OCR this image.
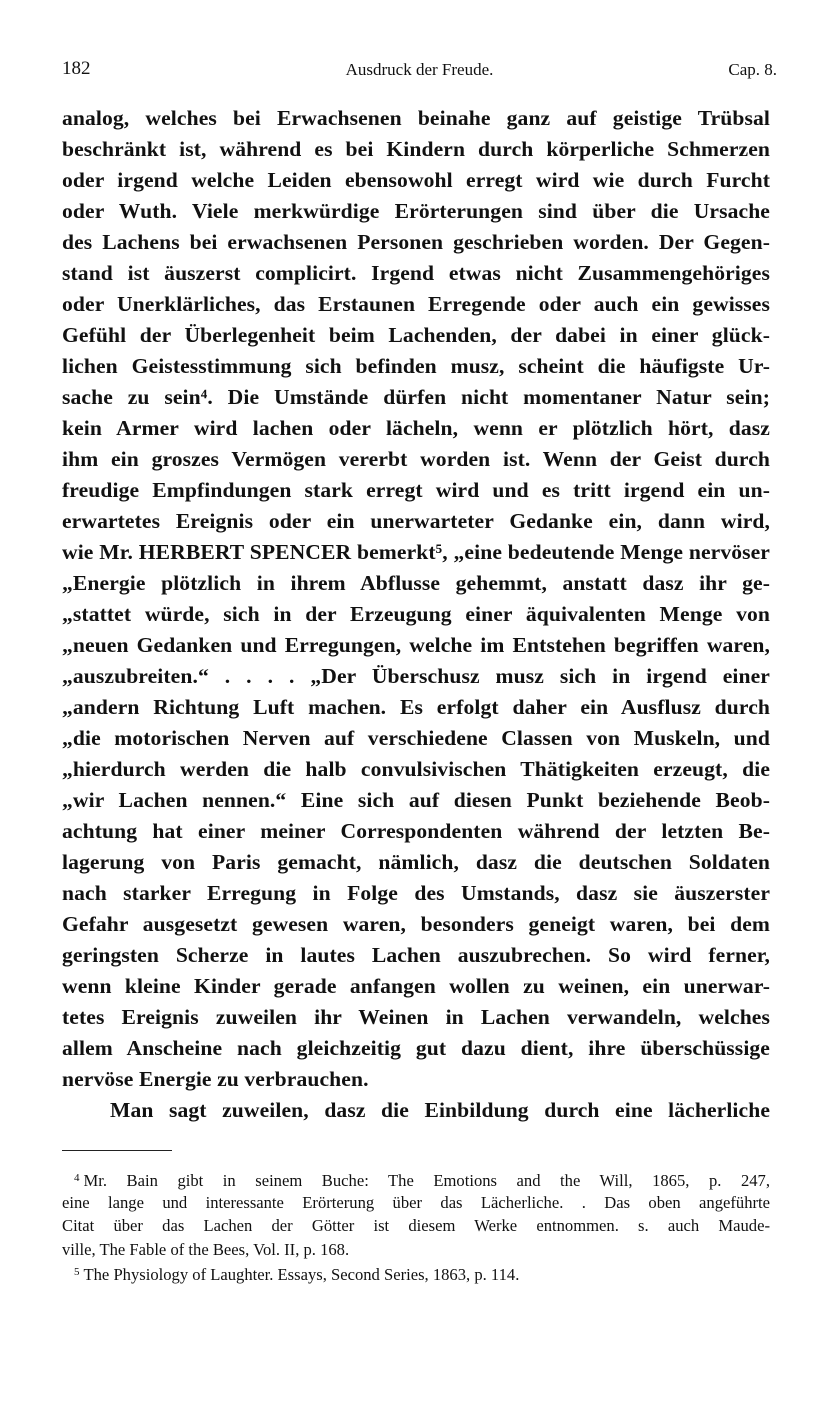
182	Ausdruck der Freude.	Cap. 8.
analog, welches bei Erwachsenen beinahe ganz auf geistige Trübsal
beschränkt ist, während es bei Kindern durch körperliche Schmerzen
oder irgend welche Leiden ebensowohl erregt wird wie durch Furcht
oder Wuth. Viele merkwürdige Erörterungen sind über die Ursache
des Lachens bei erwachsenen Personen geschrieben worden. Der Gegen-
stand ist äuszerst complicirt. Irgend etwas nicht Zusammengehöriges
oder Unerklärliches, das Erstaunen Erregende oder auch ein gewisses
Gefühl der Überlegenheit beim Lachenden, der dabei in einer glück-
lichen Geistesstimmung sich befinden musz, scheint die häufigste Ur-
sache zu sein⁴. Die Umstände dürfen nicht momentaner Natur sein;
kein Armer wird lachen oder lächeln, wenn er plötzlich hört, dasz
ihm ein groszes Vermögen vererbt worden ist. Wenn der Geist durch
freudige Empfindungen stark erregt wird und es tritt irgend ein un-
erwartetes Ereignis oder ein unerwarteter Gedanke ein, dann wird,
wie Mr. HERBERT SPENCER bemerkt⁵, „eine bedeutende Menge nervöser
„Energie plötzlich in ihrem Abflusse gehemmt, anstatt dasz ihr ge-
„stattet würde, sich in der Erzeugung einer äquivalenten Menge von
„neuen Gedanken und Erregungen, welche im Entstehen begriffen waren,
„auszubreiten.“ . . . . „Der Überschusz musz sich in irgend einer
„andern Richtung Luft machen. Es erfolgt daher ein Ausflusz durch
„die motorischen Nerven auf verschiedene Classen von Muskeln, und
„hierdurch werden die halb convulsivischen Thätigkeiten erzeugt, die
„wir Lachen nennen.“ Eine sich auf diesen Punkt beziehende Beob-
achtung hat einer meiner Correspondenten während der letzten Be-
lagerung von Paris gemacht, nämlich, dasz die deutschen Soldaten
nach starker Erregung in Folge des Umstands, dasz sie äuszerster
Gefahr ausgesetzt gewesen waren, besonders geneigt waren, bei dem
geringsten Scherze in lautes Lachen auszubrechen. So wird ferner,
wenn kleine Kinder gerade anfangen wollen zu weinen, ein unerwar-
tetes Ereignis zuweilen ihr Weinen in Lachen verwandeln, welches
allem Anscheine nach gleichzeitig gut dazu dient, ihre überschüssige
nervöse Energie zu verbrauchen.
Man sagt zuweilen, dasz die Einbildung durch eine lächerliche
$^4$ Mr. Bain gibt in seinem Buche: The Emotions and the Will, 1865, p. 247,
eine lange und interessante Erörterung über das Lächerliche. . Das oben angeführte
Citat über das Lachen der Götter ist diesem Werke entnommen. s. auch Maude-
ville, The Fable of the Bees, Vol. II, p. 168.
$^5$ The Physiology of Laughter. Essays, Second Series, 1863, p. 114.
